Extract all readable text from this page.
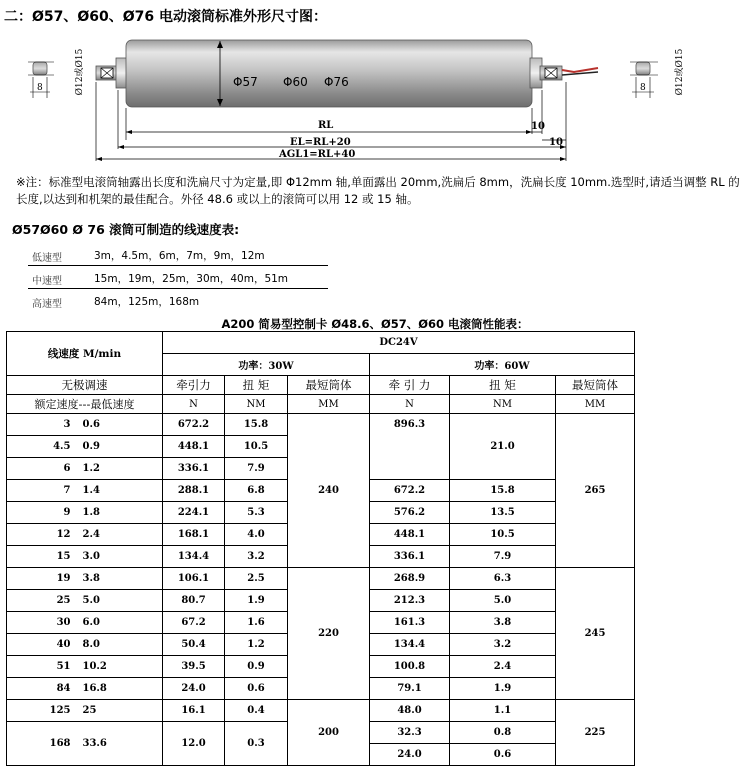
二：Ø57、Ø60、Ø76 电动滚筒标准外形尺寸图：
8	Ø12或Ø15	8	Ø12或Ø15
Φ57 Φ60 Φ76
RL	10
10
EL=RL+20
AGL1=RL+40
※注：标准型电滚筒轴露出长度和洗扁尺寸为定量,即 Φ12mm 轴,单面露出 20mm,洗扁后 8mm，洗扁长度 10mm.选型时,请适当调整 RL 的长度,以达到和机架的最佳配合。外径 48.6 或以上的滚筒可以用 12 或 15 轴。
Ø57Ø60 Ø 76 滚筒可制造的线速度表:
低速型	3m，4.5m，6m，7m，9m，12m
中速型	15m，19m，25m，30m，40m，51m
高速型	84m，125m，168m
A200 简易型控制卡 Ø48.6、Ø57、Ø60 电滚筒性能表：
线速度 M/min	DC24V					
	功率：30W			功率：60W		
无极调速	牵引力	扭 矩	最短筒体	牵 引 力	扭 矩	最短筒体
额定速度---最低速度	N	NM	MM	N	NM	MM
3 0.6	672.2	15.8	240	896.3	21.0	265
4.5 0.9	448.1	10.5				
6 1.2	336.1	7.9				
7 1.4	288.1	6.8		672.2	15.8	
9 1.8	224.1	5.3		576.2	13.5	
12 2.4	168.1	4.0		448.1	10.5	
15 3.0	134.4	3.2		336.1	7.9	
19 3.8	106.1	2.5	220	268.9	6.3	245
25 5.0	80.7	1.9		212.3	5.0	
30 6.0	67.2	1.6		161.3	3.8	
40 8.0	50.4	1.2		134.4	3.2	
51 10.2	39.5	0.9		100.8	2.4	
84 16.8	24.0	0.6		79.1	1.9	
125 25	16.1	0.4	200	48.0	1.1	225
168 33.6	12.0	0.3		32.3	0.8	
				24.0	0.6	
